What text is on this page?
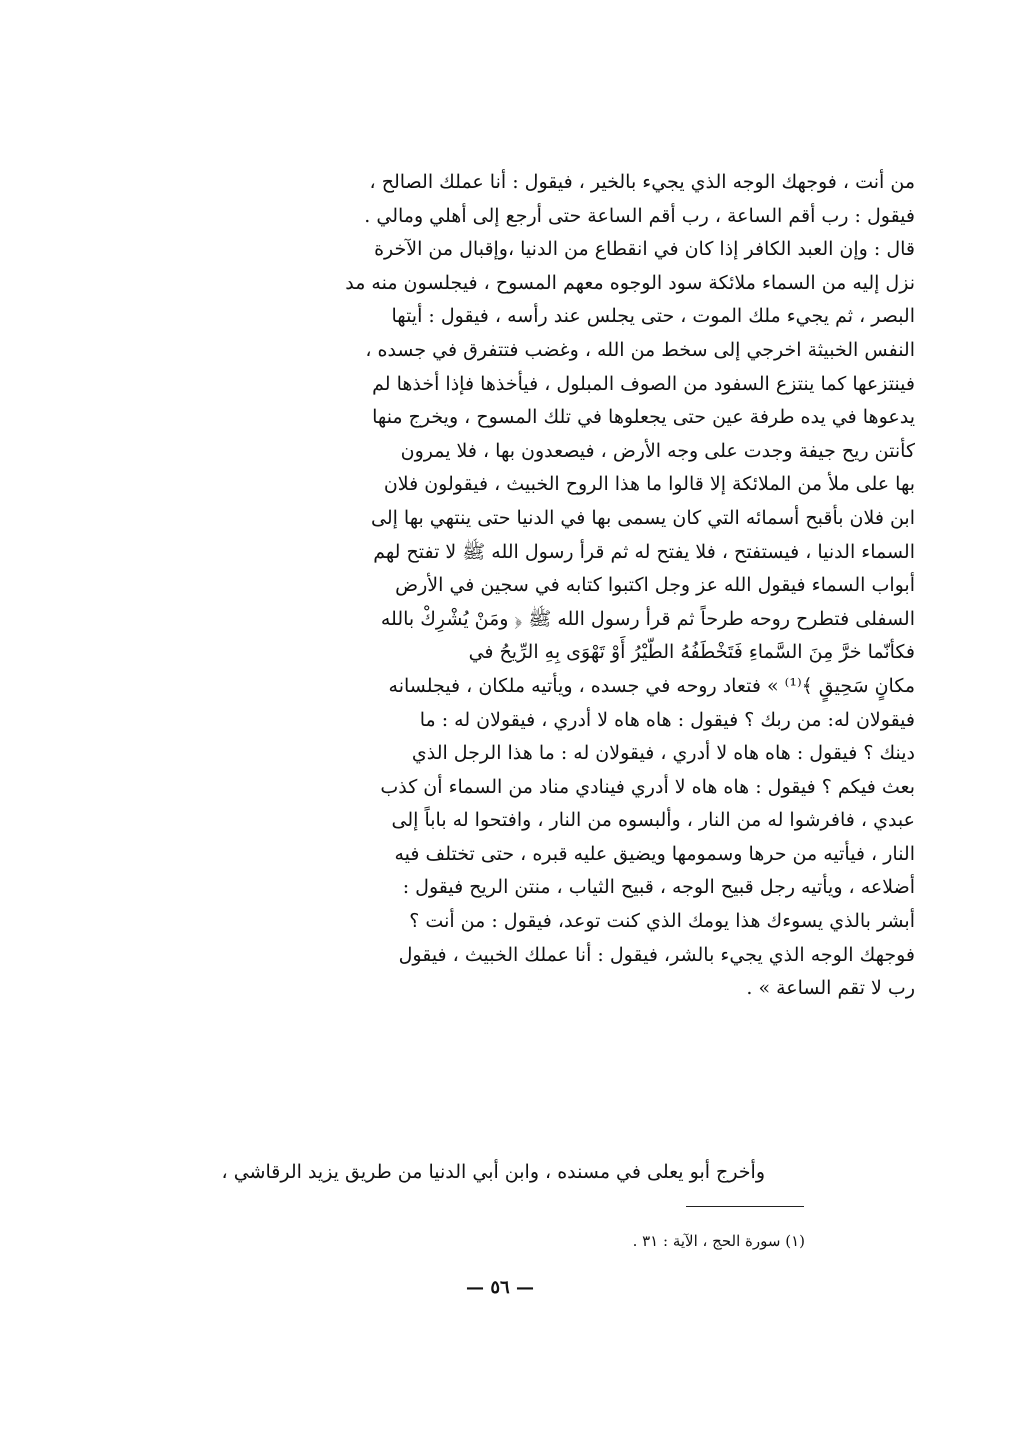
من أنت ، فوجهك الوجه الذي يجيء بالخير ، فيقول : أنا عملك الصالح ،
فيقول : رب أقم الساعة ، رب أقم الساعة حتى أرجع إلى أهلي ومالي .
قال : وإن العبد الكافر إذا كان في انقطاع من الدنيا ،وإقبال من الآخرة
نزل إليه من السماء ملائكة سود الوجوه معهم المسوح ، فيجلسون منه مد
البصر ، ثم يجيء ملك الموت ، حتى يجلس عند رأسه ، فيقول : أيتها
النفس الخبيثة اخرجي إلى سخط من الله ، وغضب فتتفرق في جسده ،
فينتزعها كما ينتزع السفود من الصوف المبلول ، فيأخذها فإذا أخذها لم
يدعوها في يده طرفة عين حتى يجعلوها في تلك المسوح ، ويخرج منها
كأنتن ريح جيفة وجدت على وجه الأرض ، فيصعدون بها ، فلا يمرون
بها على ملأ من الملائكة إلا قالوا ما هذا الروح الخبيث ، فيقولون فلان
ابن فلان بأقبح أسمائه التي كان يسمى بها في الدنيا حتى ينتهي بها إلى
السماء الدنيا ، فيستفتح ، فلا يفتح له ثم قرأ رسول الله ﷺ لا تفتح لهم
أبواب السماء فيقول الله عز وجل اكتبوا كتابه في سجين في الأرض
السفلى فتطرح روحه طرحاً ثم قرأ رسول الله ﷺ ﴿ ومَنْ يُشْرِكْ بالله
فكأنّما خرَّ مِنَ السَّماءِ فَتَخْطَفُهُ الطّيْرُ أَوْ تَهْوَى بِهِ الرِّيحُ في
مكانٍ سَحِيقٍ ﴾⁽¹⁾ » فتعاد روحه في جسده ، ويأتيه ملكان ، فيجلسانه
فيقولان له: من ربك ؟ فيقول : هاه هاه لا أدري ، فيقولان له : ما
دينك ؟ فيقول : هاه هاه لا أدري ، فيقولان له : ما هذا الرجل الذي
بعث فيكم ؟ فيقول : هاه هاه لا أدري فينادي مناد من السماء أن كذب
عبدي ، فافرشوا له من النار ، وألبسوه من النار ، وافتحوا له باباً إلى
النار ، فيأتيه من حرها وسمومها ويضيق عليه قبره ، حتى تختلف فيه
أضلاعه ، ويأتيه رجل قبيح الوجه ، قبيح الثياب ، منتن الريح فيقول :
أبشر بالذي يسوءك هذا يومك الذي كنت توعد، فيقول : من أنت ؟
فوجهك الوجه الذي يجيء بالشر، فيقول : أنا عملك الخبيث ، فيقول
رب لا تقم الساعة » .
وأخرج أبو يعلى في مسنده ، وابن أبي الدنيا من طريق يزيد الرقاشي ،
(١) سورة الحج ، الآية : ٣١ .
— ٥٦ —
